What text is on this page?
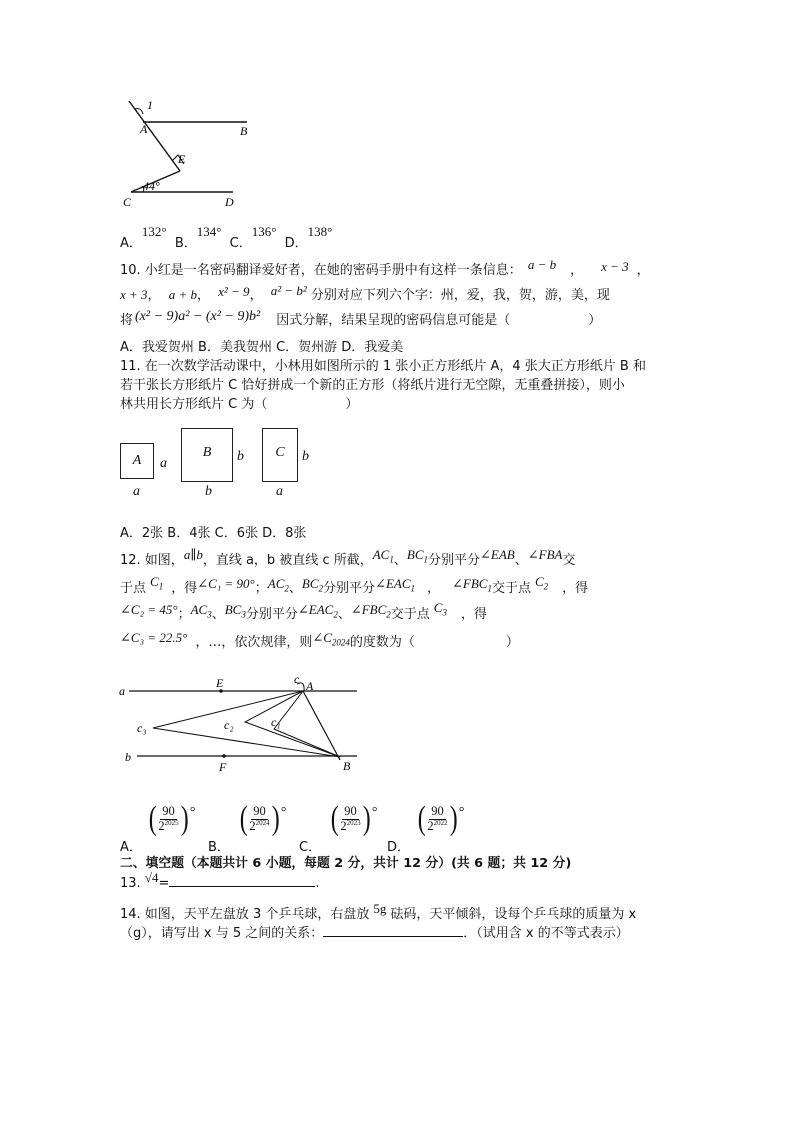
1
A	B
E
44°
C	D
A．$^{132^\circ}$ B．$^{134^\circ}$ C．$^{136^\circ}$ D．$^{138^\circ}$
10. 小红是一名密码翻译爱好者，在她的密码手册中有这样一条信息： a − b ， x − 3 ，
x + 3， a + b， x² − 9， a² − b² 分别对应下列六个字：州，爱，我，贺，游，美，现
将 (x² − 9)a² − (x² − 9)b² 因式分解，结果呈现的密码信息可能是（　　　　　　）
A．我爱贺州 B．美我贺州 C．贺州游 D．我爱美
11. 在一次数学活动课中，小林用如图所示的 1 张小正方形纸片 A，4 张大正方形纸片 B 和
若干张长方形纸片 C 恰好拼成一个新的正方形（将纸片进行无空隙，无重叠拼接），则小
林共用长方形纸片 C 为（　　　　　　）
A a
a
B b
b
C b
a
A．2张 B．4张 C．6张 D．8张
12. 如图，a∥b，直线 a，b 被直线 c 所截，$AC_1$、$BC_1$分别平分∠EAB、∠FBA交
于点 $C_1$ ，得∠C₁ = 90°；$AC_2$、$BC_2$分别平分$\angle EAC_1$ ， $\angle FBC_1$交于点 $C_2$ ，得
∠C₂ = 45°；$AC_3$、$BC_3$分别平分$\angle EAC_2$、$\angle FBC_2$交于点 $C_3$ ，得
∠C₃ = 22.5° ，…，依次规律，则$\angle C_{2024}$的度数为（　　　　　　　）
a
b
E
F
c A
B
c₁
c₂
c₃
( 90
$2^{2025}$ ) ° ( 90
$2^{2024}$ ) ° ( 90
$2^{2023}$ ) ° ( 90
$2^{2022}$ ) °
A．	B．	C．	D．
二、填空题（本题共计 6 小题，每题 2 分，共计 12 分）(共 6 题；共 12 分)
13. √4=	.
14. 如图，天平左盘放 3 个乒乓球，右盘放 5g 砝码，天平倾斜，设每个乒乓球的质量为 x
（g），请写出 x 与 5 之间的关系：	．（试用含 x 的不等式表示）
